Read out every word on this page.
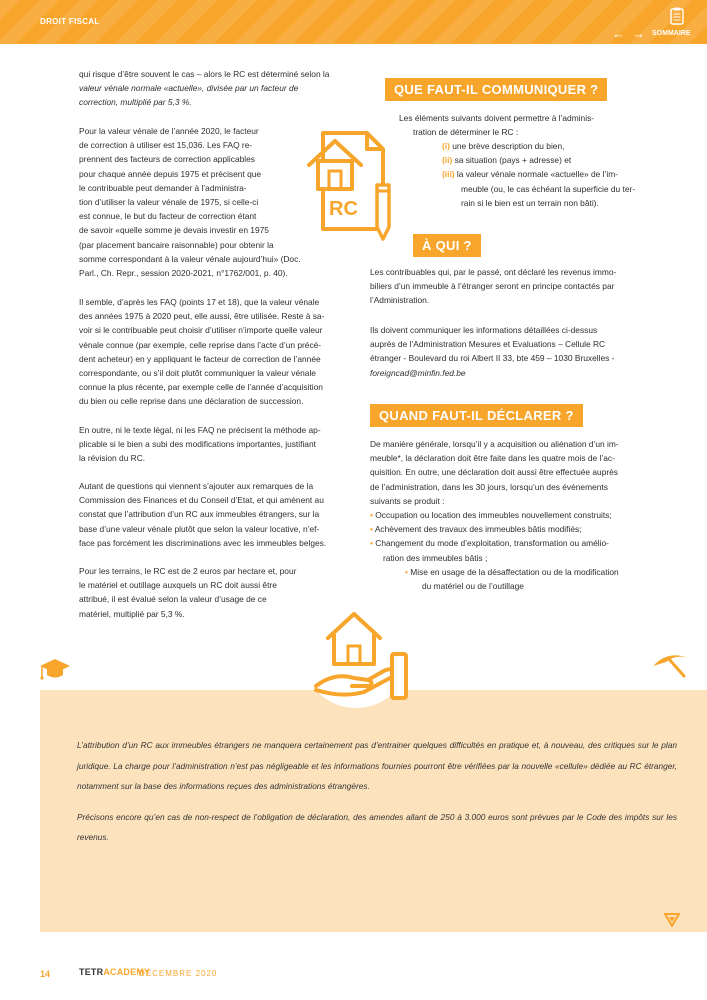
DROIT FISCAL
← → SOMMAIRE

qui risque d’être souvent le cas – alors le RC est déterminé selon la

valeur vénale normale «actuelle», divisée par un facteur de

correction, multiplié par 5,3 %.

Pour la valeur vénale de l’année 2020, le facteur

de correction à utiliser est 15,036. Les FAQ re-

prennent des facteurs de correction applicables

pour chaque année depuis 1975 et précisent que

le contribuable peut demander à l’administra-

tion d’utiliser la valeur vénale de 1975, si celle-ci

est connue, le but du facteur de correction étant

de savoir «quelle somme je devais investir en 1975

(par placement bancaire raisonnable) pour obtenir la

somme correspondant à la valeur vénale aujourd’hui» (Doc.

Parl., Ch. Repr., session 2020-2021, n°1762/001, p. 40).

Il semble, d’après les FAQ (points 17 et 18), que la valeur vénale

des années 1975 à 2020 peut, elle aussi, être utilisée. Reste à sa-

voir si le contribuable peut choisir d’utiliser n’importe quelle valeur

vénale connue (par exemple, celle reprise dans l’acte d’un précé-

dent acheteur) en y appliquant le facteur de correction de l’année

correspondante, ou s’il doit plutôt communiquer la valeur vénale

connue la plus récente, par exemple celle de l’année d’acquisition

du bien ou celle reprise dans une déclaration de succession.

En outre, ni le texte légal, ni les FAQ ne précisent la méthode ap-

plicable si le bien a subi des modifications importantes, justifiant

la révision du RC.

Autant de questions qui viennent s’ajouter aux remarques de la

Commission des Finances et du Conseil d’Etat, et qui amènent au

constat que l’attribution d’un RC aux immeubles étrangers, sur la

base d’une valeur vénale plutôt que selon la valeur locative, n’ef-

face pas forcément les discriminations avec les immeubles belges.

Pour les terrains, le RC est de 2 euros par hectare et, pour

le matériel et outillage auxquels un RC doit aussi être

attribué, il est évalué selon la valeur d’usage de ce

matériel, multiplié par 5,3 %.

RC
QUE FAUT-IL COMMUNIQUER ?
Les éléments suivants doivent permettre à l’adminis-
tration de déterminer le RC :
(i) une brève description du bien,
(ii) sa situation (pays + adresse) et
(iii) la valeur vénale normale «actuelle» de l’im-
meuble (ou, le cas échéant la superficie du ter-
rain si le bien est un terrain non bâti).
À QUI ?

Les contribuables qui, par le passé, ont déclaré les revenus immo-

biliers d’un immeuble à l’étranger seront en principe contactés par

l’Administration.

Ils doivent communiquer les informations détaillées ci-dessus

auprès de l’Administration Mesures et Evaluations – Cellule RC

étranger - Boulevard du roi Albert II 33, bte 459 – 1030 Bruxelles -

foreigncad@minfin.fed.be

QUAND FAUT-IL DÉCLARER ?

De manière générale, lorsqu’il y a acquisition ou aliénation d’un im-

meuble*, la déclaration doit être faite dans les quatre mois de l’ac-

quisition. En outre, une déclaration doit aussi être effectuée auprès

de l’administration, dans les 30 jours, lorsqu’un des évènements

suivants se produit :

• Occupation ou location des immeubles nouvellement construits;
• Achèvement des travaux des immeubles bâtis modifiés;
• Changement du mode d’exploitation, transformation ou amélio-
ration des immeubles bâtis ;
• Mise en usage de la désaffectation ou de la modification
du matériel ou de l’outillage

L’attribution d’un RC aux immeubles étrangers ne manquera certainement pas d’entrainer quelques difficultés en pratique et, à nouveau, des critiques sur le plan juridique. La charge pour l’administration n’est pas négligeable et les informations fournies pourront être vérifiées par la nouvelle «cellule» dédiée au RC étranger, notamment sur la base des informations reçues des administrations étrangères.

Précisons encore qu’en cas de non-respect de l’obligation de déclaration, des amendes allant de 250 à 3.000 euros sont prévues par le Code des impôts sur les revenus.

14	TETRACADEMY
DÉCEMBRE 2020
